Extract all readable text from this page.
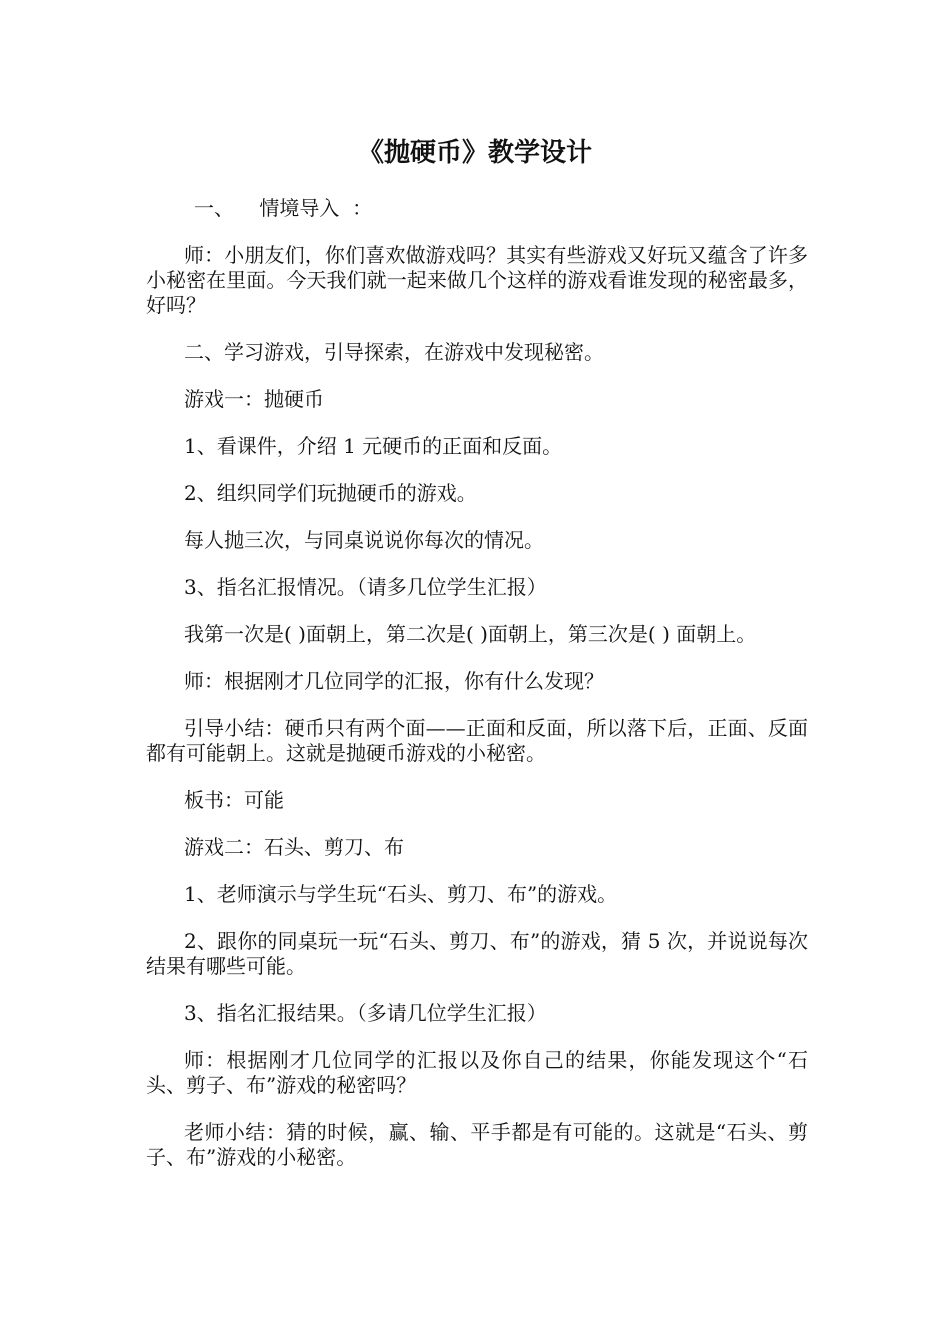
《抛硬币》教学设计

一、    情境导入  ：

师：小朋友们，你们喜欢做游戏吗？其实有些游戏又好玩又蕴含了许多小秘密在里面。今天我们就一起来做几个这样的游戏看谁发现的秘密最多，好吗？

二、学习游戏，引导探索，在游戏中发现秘密。

游戏一：抛硬币

1、看课件，介绍 1 元硬币的正面和反面。

2、组织同学们玩抛硬币的游戏。

每人抛三次，与同桌说说你每次的情况。

3、指名汇报情况。（请多几位学生汇报）

我第一次是( )面朝上，第二次是( )面朝上，第三次是( ) 面朝上。

师：根据刚才几位同学的汇报，你有什么发现？

引导小结：硬币只有两个面——正面和反面，所以落下后，正面、反面都有可能朝上。这就是抛硬币游戏的小秘密。

板书：可能

游戏二：石头、剪刀、布

1、老师演示与学生玩“石头、剪刀、布”的游戏。

2、跟你的同桌玩一玩“石头、剪刀、布”的游戏，猜 5 次，并说说每次结果有哪些可能。

3、指名汇报结果。（多请几位学生汇报）

师：根据刚才几位同学的汇报以及你自己的结果，你能发现这个“石头、剪子、布”游戏的秘密吗？

老师小结：猜的时候，赢、输、平手都是有可能的。这就是“石头、剪子、布”游戏的小秘密。
